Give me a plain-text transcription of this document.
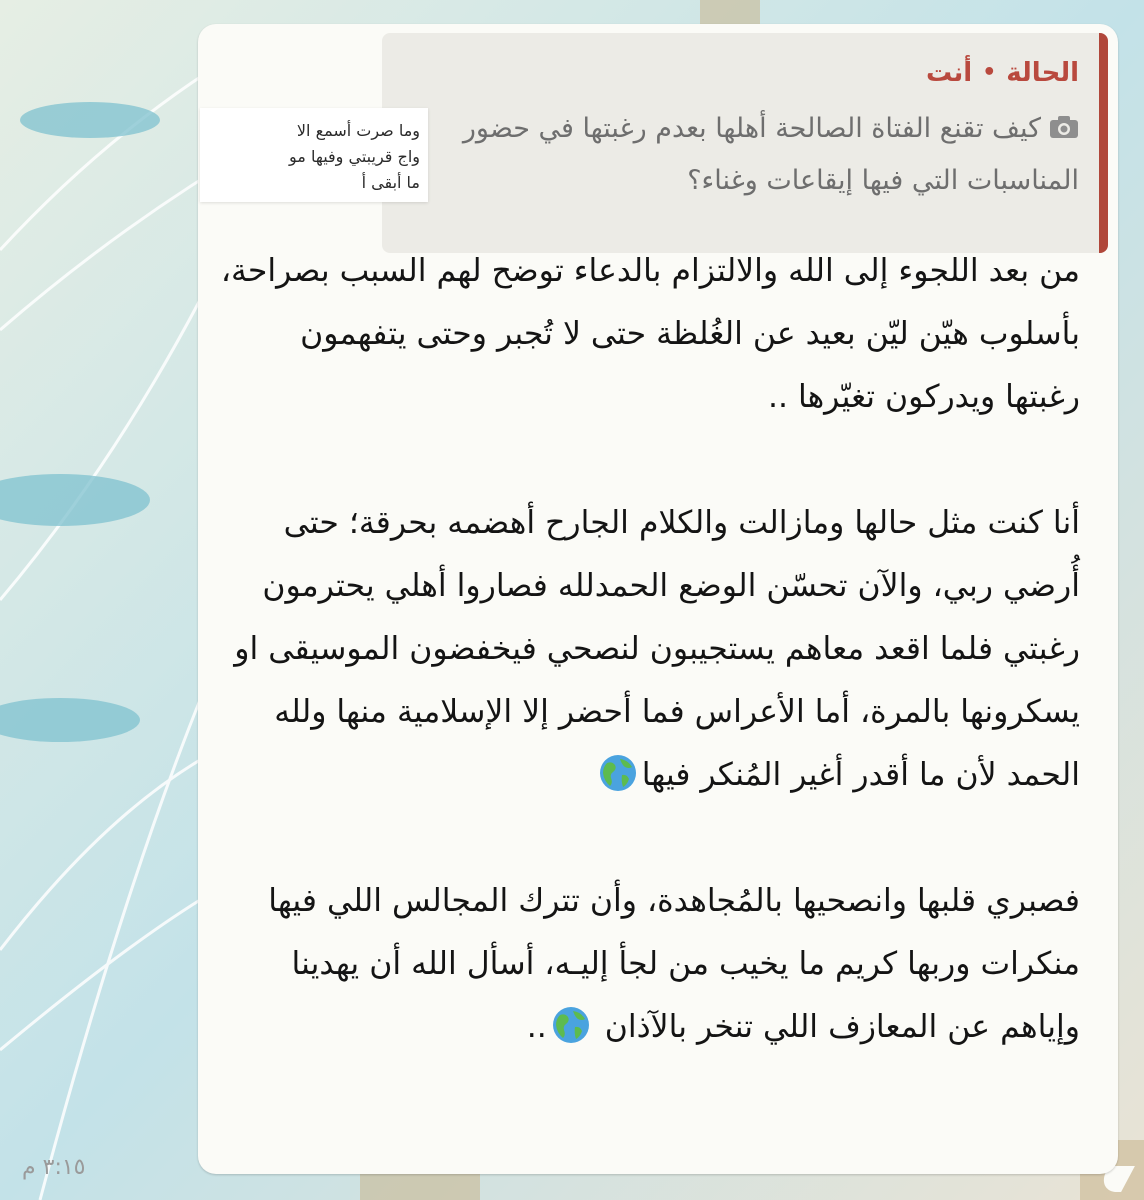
وما صرت أسمع الا
واج قريبتي وفيها مو
ما أبقى أ
الحالة
•
أنت
كيف تقنع الفتاة الصالحة أهلها بعدم رغبتها في حضور المناسبات التي فيها إيقاعات وغناء؟

من بعد اللجوء إلى الله والالتزام بالدعاء توضح لهم السبب بصراحة، بأسلوب هيّن ليّن بعيد عن الغُلظة حتى لا تُجبر وحتى يتفهمون رغبتها ويدركون تغيّرها ..

أنا كنت مثل حالها ومازالت والكلام الجارح أهضمه بحرقة؛ حتى أُرضي ربي، والآن تحسّن الوضع الحمدلله فصاروا أهلي يحترمون رغبتي فلما اقعد معاهم يستجيبون لنصحي فيخفضون الموسيقى او يسكرونها بالمرة، أما الأعراس فما أحضر إلا الإسلامية منها ولله الحمد لأن ما أقدر أغير المُنكر فيها

فصبري قلبها وانصحيها بالمُجاهدة، وأن تترك المجالس اللي فيها منكرات وربها كريم ما يخيب من لجأ إليـه، أسأل الله أن يهدينا وإياهم عن المعازف اللي تنخر بالآذان ..

٣:١٥ م
